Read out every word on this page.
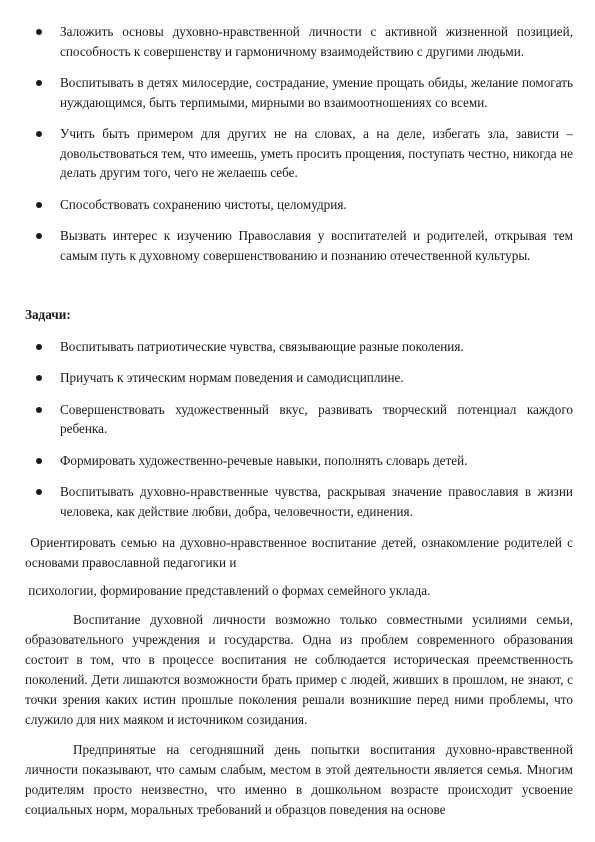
Заложить основы духовно-нравственной личности с активной жизненной позицией, способность к совершенству и гармоничному взаимодействию с другими людьми.
Воспитывать в детях милосердие, сострадание, умение прощать обиды, желание помогать нуждающимся, быть терпимыми, мирными во взаимоотношениях со всеми.
Учить быть примером для других не на словах, а на деле, избегать зла, зависти – довольствоваться тем, что имеешь, уметь просить прощения, поступать честно, никогда не делать другим того, чего не желаешь себе.
Способствовать сохранению чистоты, целомудрия.
Вызвать интерес к изучению Православия у воспитателей и родителей, открывая тем самым путь к духовному совершенствованию и познанию отечественной культуры.
Задачи:
Воспитывать патриотические чувства, связывающие разные поколения.
Приучать к этическим нормам поведения и самодисциплине.
Совершенствовать художественный вкус, развивать творческий потенциал каждого ребенка.
Формировать художественно-речевые навыки, пополнять словарь детей.
Воспитывать духовно-нравственные чувства, раскрывая значение православия в жизни человека, как действие любви, добра, человечности, единения.

Ориентировать семью на духовно-нравственное воспитание детей, ознакомление родителей с основами православной педагогики и

психологии, формирование представлений о формах семейного уклада.

Воспитание духовной личности возможно только совместными усилиями семьи, образовательного учреждения и государства. Одна из проблем современного образования состоит в том, что в процессе воспитания не соблюдается историческая преемственность поколений. Дети лишаются возможности брать пример с людей, живших в прошлом, не знают, с точки зрения каких истин прошлые поколения решали возникшие перед ними проблемы, что служило для них маяком и источником созидания.

Предпринятые на сегодняшний день попытки воспитания духовно-нравственной личности показывают, что самым слабым, местом в этой деятельности является семья. Многим родителям просто неизвестно, что именно в дошкольном возрасте происходит усвоение социальных норм, моральных требований и образцов поведения на основе
